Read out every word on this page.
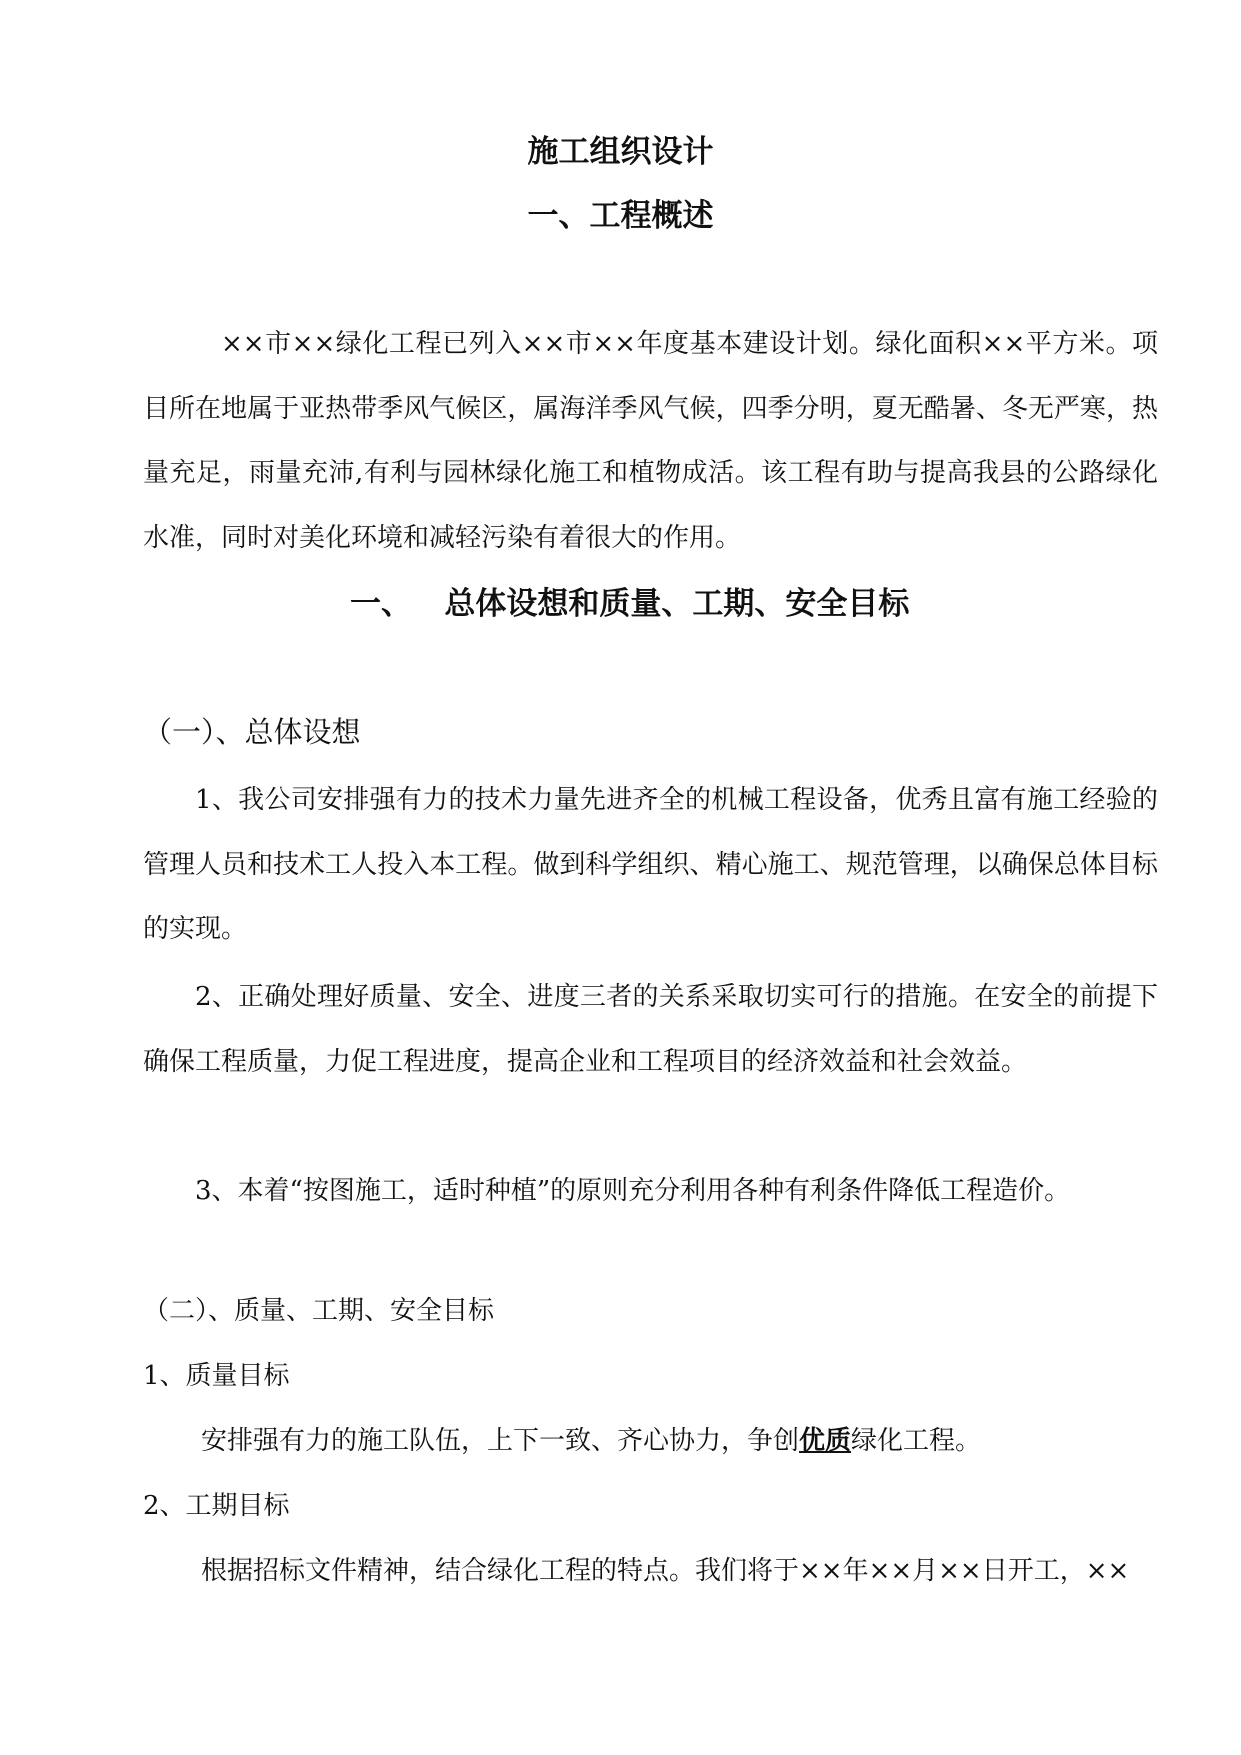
施工组织设计
一、工程概述

××市××绿化工程已列入××市××年度基本建设计划。绿化面积××平方米。项目所在地属于亚热带季风气候区，属海洋季风气候，四季分明，夏无酷暑、冬无严寒，热量充足，雨量充沛,有利与园林绿化施工和植物成活。该工程有助与提高我县的公路绿化水准，同时对美化环境和减轻污染有着很大的作用。

一、   总体设想和质量、工期、安全目标

（一）、总体设想

1、我公司安排强有力的技术力量先进齐全的机械工程设备，优秀且富有施工经验的管理人员和技术工人投入本工程。做到科学组织、精心施工、规范管理，以确保总体目标的实现。

2、正确处理好质量、安全、进度三者的关系采取切实可行的措施。在安全的前提下确保工程质量，力促工程进度，提高企业和工程项目的经济效益和社会效益。

3、本着“按图施工，适时种植”的原则充分利用各种有利条件降低工程造价。

（二）、质量、工期、安全目标

1、质量目标

安排强有力的施工队伍，上下一致、齐心协力，争创优质绿化工程。

2、工期目标

根据招标文件精神，结合绿化工程的特点。我们将于××年××月××日开工，××
